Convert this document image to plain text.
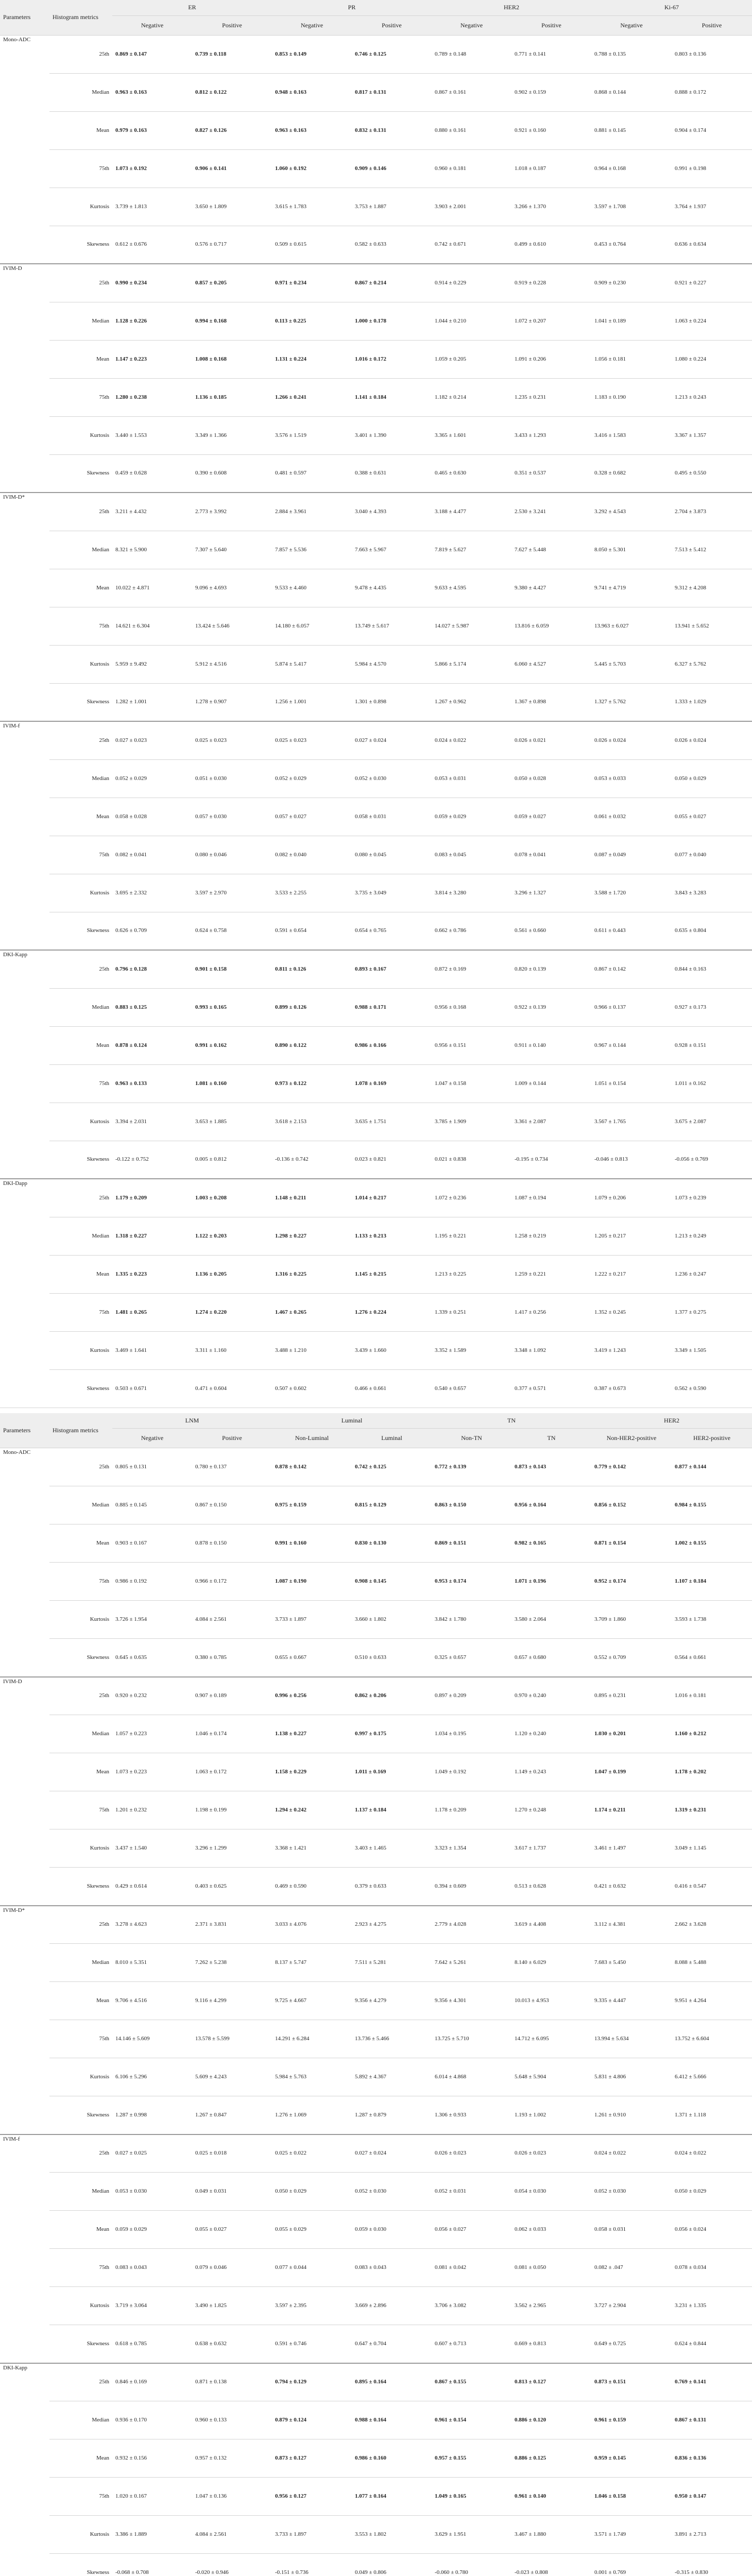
Parameters	Histogram metrics	ER		PR		HER2		Ki-67	
		Negative	Positive	Negative	Positive	Negative	Positive	Negative	Positive
Mono-ADC	25th	0.869 ± 0.147	0.739 ± 0.118	0.853 ± 0.149	0.746 ± 0.125	0.789 ± 0.148	0.771 ± 0.141	0.788 ± 0.135	0.803 ± 0.136
	Median	0.963 ± 0.163	0.812 ± 0.122	0.948 ± 0.163	0.817 ± 0.131	0.867 ± 0.161	0.902 ± 0.159	0.868 ± 0.144	0.888 ± 0.172
	Mean	0.979 ± 0.163	0.827 ± 0.126	0.963 ± 0.163	0.832 ± 0.131	0.880 ± 0.161	0.921 ± 0.160	0.881 ± 0.145	0.904 ± 0.174
	75th	1.073 ± 0.192	0.906 ± 0.141	1.060 ± 0.192	0.909 ± 0.146	0.960 ± 0.181	1.018 ± 0.187	0.964 ± 0.168	0.991 ± 0.198
	Kurtosis	3.739 ± 1.813	3.650 ± 1.809	3.615 ± 1.783	3.753 ± 1.887	3.903 ± 2.001	3.266 ± 1.370	3.597 ± 1.708	3.764 ± 1.937
	Skewness	0.612 ± 0.676	0.576 ± 0.717	0.509 ± 0.615	0.582 ± 0.633	0.742 ± 0.671	0.499 ± 0.610	0.453 ± 0.764	0.636 ± 0.634
IVIM-D	25th	0.990 ± 0.234	0.857 ± 0.205	0.971 ± 0.234	0.867 ± 0.214	0.914 ± 0.229	0.919 ± 0.228	0.909 ± 0.230	0.921 ± 0.227
	Median	1.128 ± 0.226	0.994 ± 0.168	0.113 ± 0.225	1.000 ± 0.178	1.044 ± 0.210	1.072 ± 0.207	1.041 ± 0.189	1.063 ± 0.224
	Mean	1.147 ± 0.223	1.008 ± 0.168	1.131 ± 0.224	1.016 ± 0.172	1.059 ± 0.205	1.091 ± 0.206	1.056 ± 0.181	1.080 ± 0.224
	75th	1.280 ± 0.238	1.136 ± 0.185	1.266 ± 0.241	1.141 ± 0.184	1.182 ± 0.214	1.235 ± 0.231	1.183 ± 0.190	1.213 ± 0.243
	Kurtosis	3.440 ± 1.553	3.349 ± 1.366	3.576 ± 1.519	3.401 ± 1.390	3.365 ± 1.601	3.433 ± 1.293	3.416 ± 1.583	3.367 ± 1.357
	Skewness	0.459 ± 0.628	0.390 ± 0.608	0.481 ± 0.597	0.388 ± 0.631	0.465 ± 0.630	0.351 ± 0.537	0.328 ± 0.682	0.495 ± 0.550
IVIM-D*	25th	3.211 ± 4.432	2.773 ± 3.992	2.884 ± 3.961	3.040 ± 4.393	3.188 ± 4.477	2.530 ± 3.241	3.292 ± 4.543	2.704 ± 3.873
	Median	8.321 ± 5.900	7.307 ± 5.640	7.857 ± 5.536	7.663 ± 5.967	7.819 ± 5.627	7.627 ± 5.448	8.050 ± 5.301	7.513 ± 5.412
	Mean	10.022 ± 4.871	9.096 ± 4.693	9.533 ± 4.460	9.478 ± 4.435	9.633 ± 4.595	9.380 ± 4.427	9.741 ± 4.719	9.312 ± 4.208
	75th	14.621 ± 6.304	13.424 ± 5.646	14.180 ± 6.057	13.749 ± 5.617	14.027 ± 5.987	13.816 ± 6.059	13.963 ± 6.027	13.941 ± 5.652
	Kurtosis	5.959 ± 9.492	5.912 ± 4.516	5.874 ± 5.417	5.984 ± 4.570	5.866 ± 5.174	6.060 ± 4.527	5.445 ± 5.703	6.327 ± 5.762
	Skewness	1.282 ± 1.001	1.278 ± 0.907	1.256 ± 1.001	1.301 ± 0.898	1.267 ± 0.962	1.367 ± 0.898	1.327 ± 5.762	1.333 ± 1.029
IVIM-f	25th	0.027 ± 0.023	0.025 ± 0.023	0.025 ± 0.023	0.027 ± 0.024	0.024 ± 0.022	0.026 ± 0.021	0.026 ± 0.024	0.026 ± 0.024
	Median	0.052 ± 0.029	0.051 ± 0.030	0.052 ± 0.029	0.052 ± 0.030	0.053 ± 0.031	0.050 ± 0.028	0.053 ± 0.033	0.050 ± 0.029
	Mean	0.058 ± 0.028	0.057 ± 0.030	0.057 ± 0.027	0.058 ± 0.031	0.059 ± 0.029	0.059 ± 0.027	0.061 ± 0.032	0.055 ± 0.027
	75th	0.082 ± 0.041	0.080 ± 0.046	0.082 ± 0.040	0.080 ± 0.045	0.083 ± 0.045	0.078 ± 0.041	0.087 ± 0.049	0.077 ± 0.040
	Kurtosis	3.695 ± 2.332	3.597 ± 2.970	3.533 ± 2.255	3.735 ± 3.049	3.814 ± 3.280	3.296 ± 1.327	3.588 ± 1.720	3.843 ± 3.283
	Skewness	0.626 ± 0.709	0.624 ± 0.758	0.591 ± 0.654	0.654 ± 0.765	0.662 ± 0.786	0.561 ± 0.660	0.611 ± 0.443	0.635 ± 0.804
DKI-Kapp	25th	0.796 ± 0.128	0.901 ± 0.158	0.811 ± 0.126	0.893 ± 0.167	0.872 ± 0.169	0.820 ± 0.139	0.867 ± 0.142	0.844 ± 0.163
	Median	0.883 ± 0.125	0.993 ± 0.165	0.899 ± 0.126	0.988 ± 0.171	0.956 ± 0.168	0.922 ± 0.139	0.966 ± 0.137	0.927 ± 0.173
	Mean	0.878 ± 0.124	0.991 ± 0.162	0.890 ± 0.122	0.986 ± 0.166	0.956 ± 0.151	0.911 ± 0.140	0.967 ± 0.144	0.928 ± 0.151
	75th	0.963 ± 0.133	1.081 ± 0.160	0.973 ± 0.122	1.078 ± 0.169	1.047 ± 0.158	1.009 ± 0.144	1.051 ± 0.154	1.011 ± 0.162
	Kurtosis	3.394 ± 2.031	3.653 ± 1.885	3.618 ± 2.153	3.635 ± 1.751	3.785 ± 1.909	3.361 ± 2.087	3.567 ± 1.765	3.675 ± 2.087
	Skewness	-0.122 ± 0.752	0.005 ± 0.812	-0.136 ± 0.742	0.023 ± 0.821	0.021 ± 0.838	-0.195 ± 0.734	-0.046 ± 0.813	-0.056 ± 0.769
DKI-Dapp	25th	1.179 ± 0.209	1.003 ± 0.208	1.148 ± 0.211	1.014 ± 0.217	1.072 ± 0.236	1.087 ± 0.194	1.079 ± 0.206	1.073 ± 0.239
	Median	1.318 ± 0.227	1.122 ± 0.203	1.298 ± 0.227	1.133 ± 0.213	1.195 ± 0.221	1.258 ± 0.219	1.205 ± 0.217	1.213 ± 0.249
	Mean	1.335 ± 0.223	1.136 ± 0.205	1.316 ± 0.225	1.145 ± 0.215	1.213 ± 0.225	1.259 ± 0.221	1.222 ± 0.217	1.236 ± 0.247
	75th	1.481 ± 0.265	1.274 ± 0.220	1.467 ± 0.265	1.276 ± 0.224	1.339 ± 0.251	1.417 ± 0.256	1.352 ± 0.245	1.377 ± 0.275
	Kurtosis	3.469 ± 1.641	3.311 ± 1.160	3.488 ± 1.210	3.439 ± 1.660	3.352 ± 1.589	3.348 ± 1.092	3.419 ± 1.243	3.349 ± 1.505
	Skewness	0.503 ± 0.671	0.471 ± 0.604	0.507 ± 0.602	0.466 ± 0.661	0.540 ± 0.657	0.377 ± 0.571	0.387 ± 0.673	0.562 ± 0.590
Parameters	Histogram metrics	LNM		Luminal		TN		HER2	
		Negative	Positive	Non-Luminal	Luminal	Non-TN	TN	Non-HER2-positive	HER2-positive
Mono-ADC	25th	0.805 ± 0.131	0.780 ± 0.137	0.878 ± 0.142	0.742 ± 0.125	0.772 ± 0.139	0.873 ± 0.143	0.779 ± 0.142	0.877 ± 0.144
	Median	0.885 ± 0.145	0.867 ± 0.150	0.975 ± 0.159	0.815 ± 0.129	0.863 ± 0.150	0.956 ± 0.164	0.856 ± 0.152	0.984 ± 0.155
	Mean	0.903 ± 0.167	0.878 ± 0.150	0.991 ± 0.160	0.830 ± 0.130	0.869 ± 0.151	0.982 ± 0.165	0.871 ± 0.154	1.002 ± 0.155
	75th	0.986 ± 0.192	0.966 ± 0.172	1.087 ± 0.190	0.908 ± 0.145	0.953 ± 0.174	1.071 ± 0.196	0.952 ± 0.174	1.107 ± 0.184
	Kurtosis	3.726 ± 1.954	4.084 ± 2.561	3.733 ± 1.897	3.660 ± 1.802	3.842 ± 1.780	3.580 ± 2.064	3.709 ± 1.860	3.593 ± 1.738
	Skewness	0.645 ± 0.635	0.380 ± 0.785	0.655 ± 0.667	0.510 ± 0.633	0.325 ± 0.657	0.657 ± 0.680	0.552 ± 0.709	0.564 ± 0.661
IVIM-D	25th	0.920 ± 0.232	0.907 ± 0.189	0.996 ± 0.256	0.862 ± 0.206	0.897 ± 0.209	0.970 ± 0.240	0.895 ± 0.231	1.016 ± 0.181
	Median	1.057 ± 0.223	1.046 ± 0.174	1.138 ± 0.227	0.997 ± 0.175	1.034 ± 0.195	1.120 ± 0.240	1.030 ± 0.201	1.160 ± 0.212
	Mean	1.073 ± 0.223	1.063 ± 0.172	1.158 ± 0.229	1.011 ± 0.169	1.049 ± 0.192	1.149 ± 0.243	1.047 ± 0.199	1.178 ± 0.202
	75th	1.201 ± 0.232	1.198 ± 0.199	1.294 ± 0.242	1.137 ± 0.184	1.178 ± 0.209	1.270 ± 0.248	1.174 ± 0.211	1.319 ± 0.231
	Kurtosis	3.437 ± 1.540	3.296 ± 1.299	3.368 ± 1.421	3.403 ± 1.465	3.323 ± 1.354	3.617 ± 1.737	3.461 ± 1.497	3.049 ± 1.145
	Skewness	0.429 ± 0.614	0.403 ± 0.625	0.469 ± 0.590	0.379 ± 0.633	0.394 ± 0.609	0.513 ± 0.628	0.421 ± 0.632	0.416 ± 0.547
IVIM-D*	25th	3.278 ± 4.623	2.371 ± 3.831	3.033 ± 4.076	2.923 ± 4.275	2.779 ± 4.028	3.619 ± 4.408	3.112 ± 4.381	2.662 ± 3.628
	Median	8.010 ± 5.351	7.262 ± 5.238	8.137 ± 5.747	7.511 ± 5.281	7.642 ± 5.261	8.140 ± 6.029	7.683 ± 5.450	8.088 ± 5.488
	Mean	9.706 ± 4.516	9.116 ± 4.299	9.725 ± 4.667	9.356 ± 4.279	9.356 ± 4.301	10.013 ± 4.953	9.335 ± 4.447	9.951 ± 4.264
	75th	14.146 ± 5.609	13.578 ± 5.599	14.291 ± 6.284	13.736 ± 5.466	13.725 ± 5.710	14.712 ± 6.095	13.994 ± 5.634	13.752 ± 6.604
	Kurtosis	6.106 ± 5.296	5.609 ± 4.243	5.984 ± 5.763	5.892 ± 4.367	6.014 ± 4.868	5.648 ± 5.904	5.831 ± 4.806	6.412 ± 5.666
	Skewness	1.287 ± 0.998	1.267 ± 0.847	1.276 ± 1.069	1.287 ± 0.879	1.306 ± 0.933	1.193 ± 1.002	1.261 ± 0.910	1.371 ± 1.118
IVIM-f	25th	0.027 ± 0.025	0.025 ± 0.018	0.025 ± 0.022	0.027 ± 0.024	0.026 ± 0.023	0.026 ± 0.023	0.024 ± 0.022	0.024 ± 0.022
	Median	0.053 ± 0.030	0.049 ± 0.031	0.050 ± 0.029	0.052 ± 0.030	0.052 ± 0.031	0.054 ± 0.030	0.052 ± 0.030	0.050 ± 0.029
	Mean	0.059 ± 0.029	0.055 ± 0.027	0.055 ± 0.029	0.059 ± 0.030	0.056 ± 0.027	0.062 ± 0.033	0.058 ± 0.031	0.056 ± 0.024
	75th	0.083 ± 0.043	0.079 ± 0.046	0.077 ± 0.044	0.083 ± 0.043	0.081 ± 0.042	0.081 ± 0.050	0.082 ± .047	0.078 ± 0.034
	Kurtosis	3.719 ± 3.064	3.490 ± 1.825	3.597 ± 2.395	3.669 ± 2.896	3.706 ± 3.082	3.562 ± 2.965	3.727 ± 2.904	3.231 ± 1.335
	Skewness	0.618 ± 0.785	0.638 ± 0.632	0.591 ± 0.746	0.647 ± 0.704	0.607 ± 0.713	0.669 ± 0.813	0.649 ± 0.725	0.624 ± 0.844
DKI-Kapp	25th	0.846 ± 0.169	0.871 ± 0.138	0.794 ± 0.129	0.895 ± 0.164	0.867 ± 0.155	0.813 ± 0.127	0.873 ± 0.151	0.769 ± 0.141
	Median	0.936 ± 0.170	0.960 ± 0.133	0.879 ± 0.124	0.988 ± 0.164	0.961 ± 0.154	0.886 ± 0.120	0.961 ± 0.159	0.867 ± 0.131
	Mean	0.932 ± 0.156	0.957 ± 0.132	0.873 ± 0.127	0.986 ± 0.160	0.957 ± 0.155	0.886 ± 0.125	0.959 ± 0.145	0.836 ± 0.136
	75th	1.020 ± 0.167	1.047 ± 0.136	0.956 ± 0.127	1.077 ± 0.164	1.049 ± 0.165	0.961 ± 0.140	1.046 ± 0.158	0.950 ± 0.147
	Kurtosis	3.386 ± 1.889	4.084 ± 2.561	3.733 ± 1.897	3.553 ± 1.802	3.629 ± 1.951	3.467 ± 1.880	3.571 ± 1.749	3.891 ± 2.713
	Skewness	-0.068 ± 0.708	-0.020 ± 0.946	-0.151 ± 0.736	0.049 ± 0.806	-0.060 ± 0.780	-0.023 ± 0.808	0.001 ± 0.769	-0.315 ± 0.830
